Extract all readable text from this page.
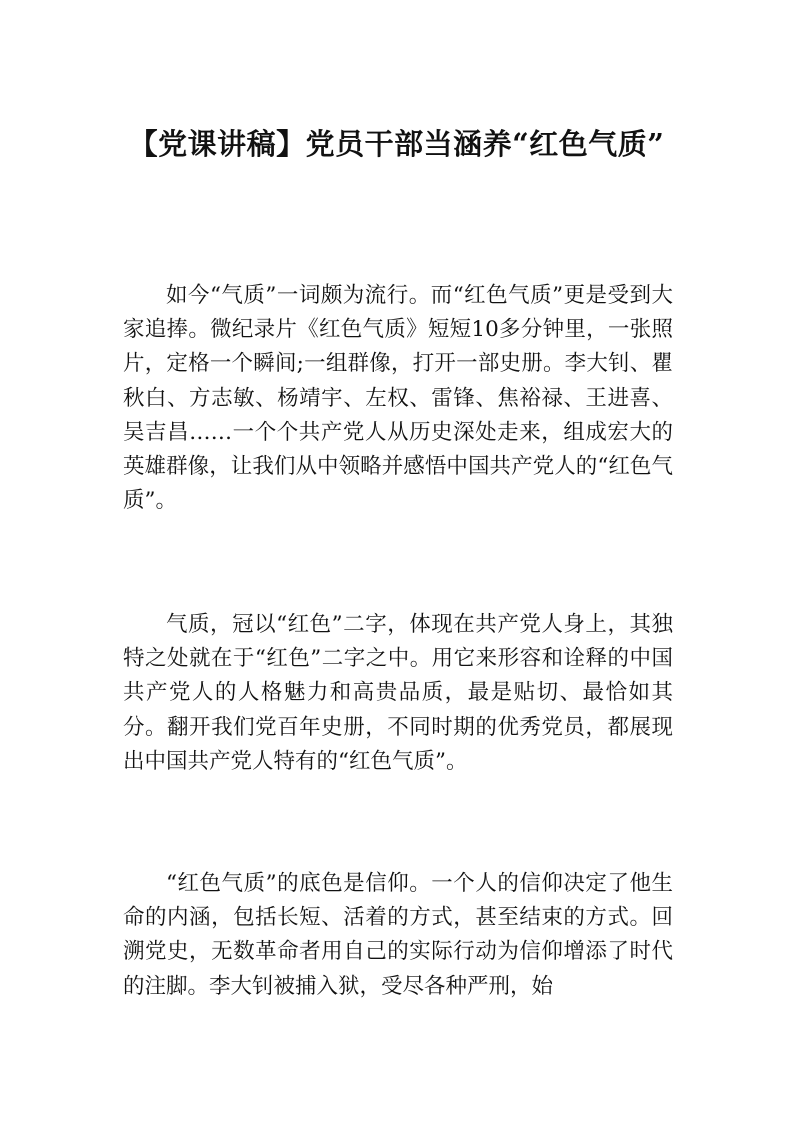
【党课讲稿】党员干部当涵养“红色气质”

如今“气质”一词颇为流行。而“红色气质”更是受到大家追捧。微纪录片《红色气质》短短10多分钟里，一张照片，定格一个瞬间;一组群像，打开一部史册。李大钊、瞿秋白、方志敏、杨靖宇、左权、雷锋、焦裕禄、王进喜、吴吉昌……一个个共产党人从历史深处走来，组成宏大的英雄群像，让我们从中领略并感悟中国共产党人的“红色气质”。

气质，冠以“红色”二字，体现在共产党人身上，其独特之处就在于“红色”二字之中。用它来形容和诠释的中国共产党人的人格魅力和高贵品质，最是贴切、最恰如其分。翻开我们党百年史册，不同时期的优秀党员，都展现出中国共产党人特有的“红色气质”。

“红色气质”的底色是信仰。一个人的信仰决定了他生命的内涵，包括长短、活着的方式，甚至结束的方式。回溯党史，无数革命者用自己的实际行动为信仰增添了时代的注脚。李大钊被捕入狱，受尽各种严刑，始
